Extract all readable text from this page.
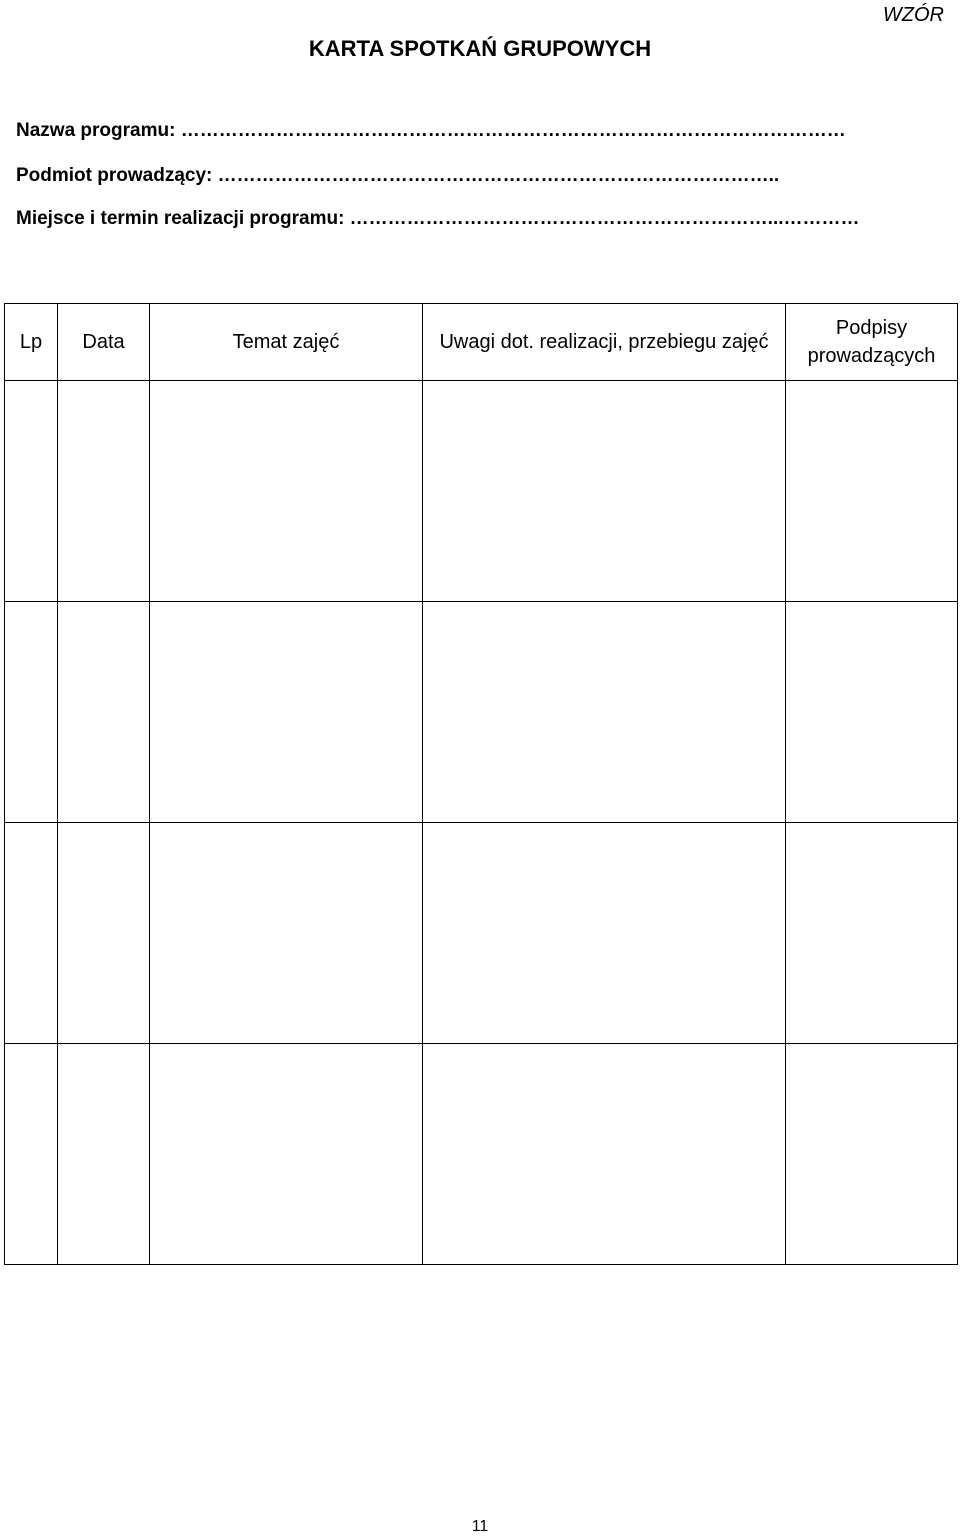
WZÓR
KARTA SPOTKAŃ GRUPOWYCH
Nazwa programu: ……………………………………………………………………………………………
Podmiot prowadzący: ……………………………………………………………………………..
Miejsce i termin realizacji programu: …………………………………………………………...…………
Lp	Data	Temat zajęć	Uwagi dot. realizacji, przebiegu zajęć	Podpisy prowadzących

11
